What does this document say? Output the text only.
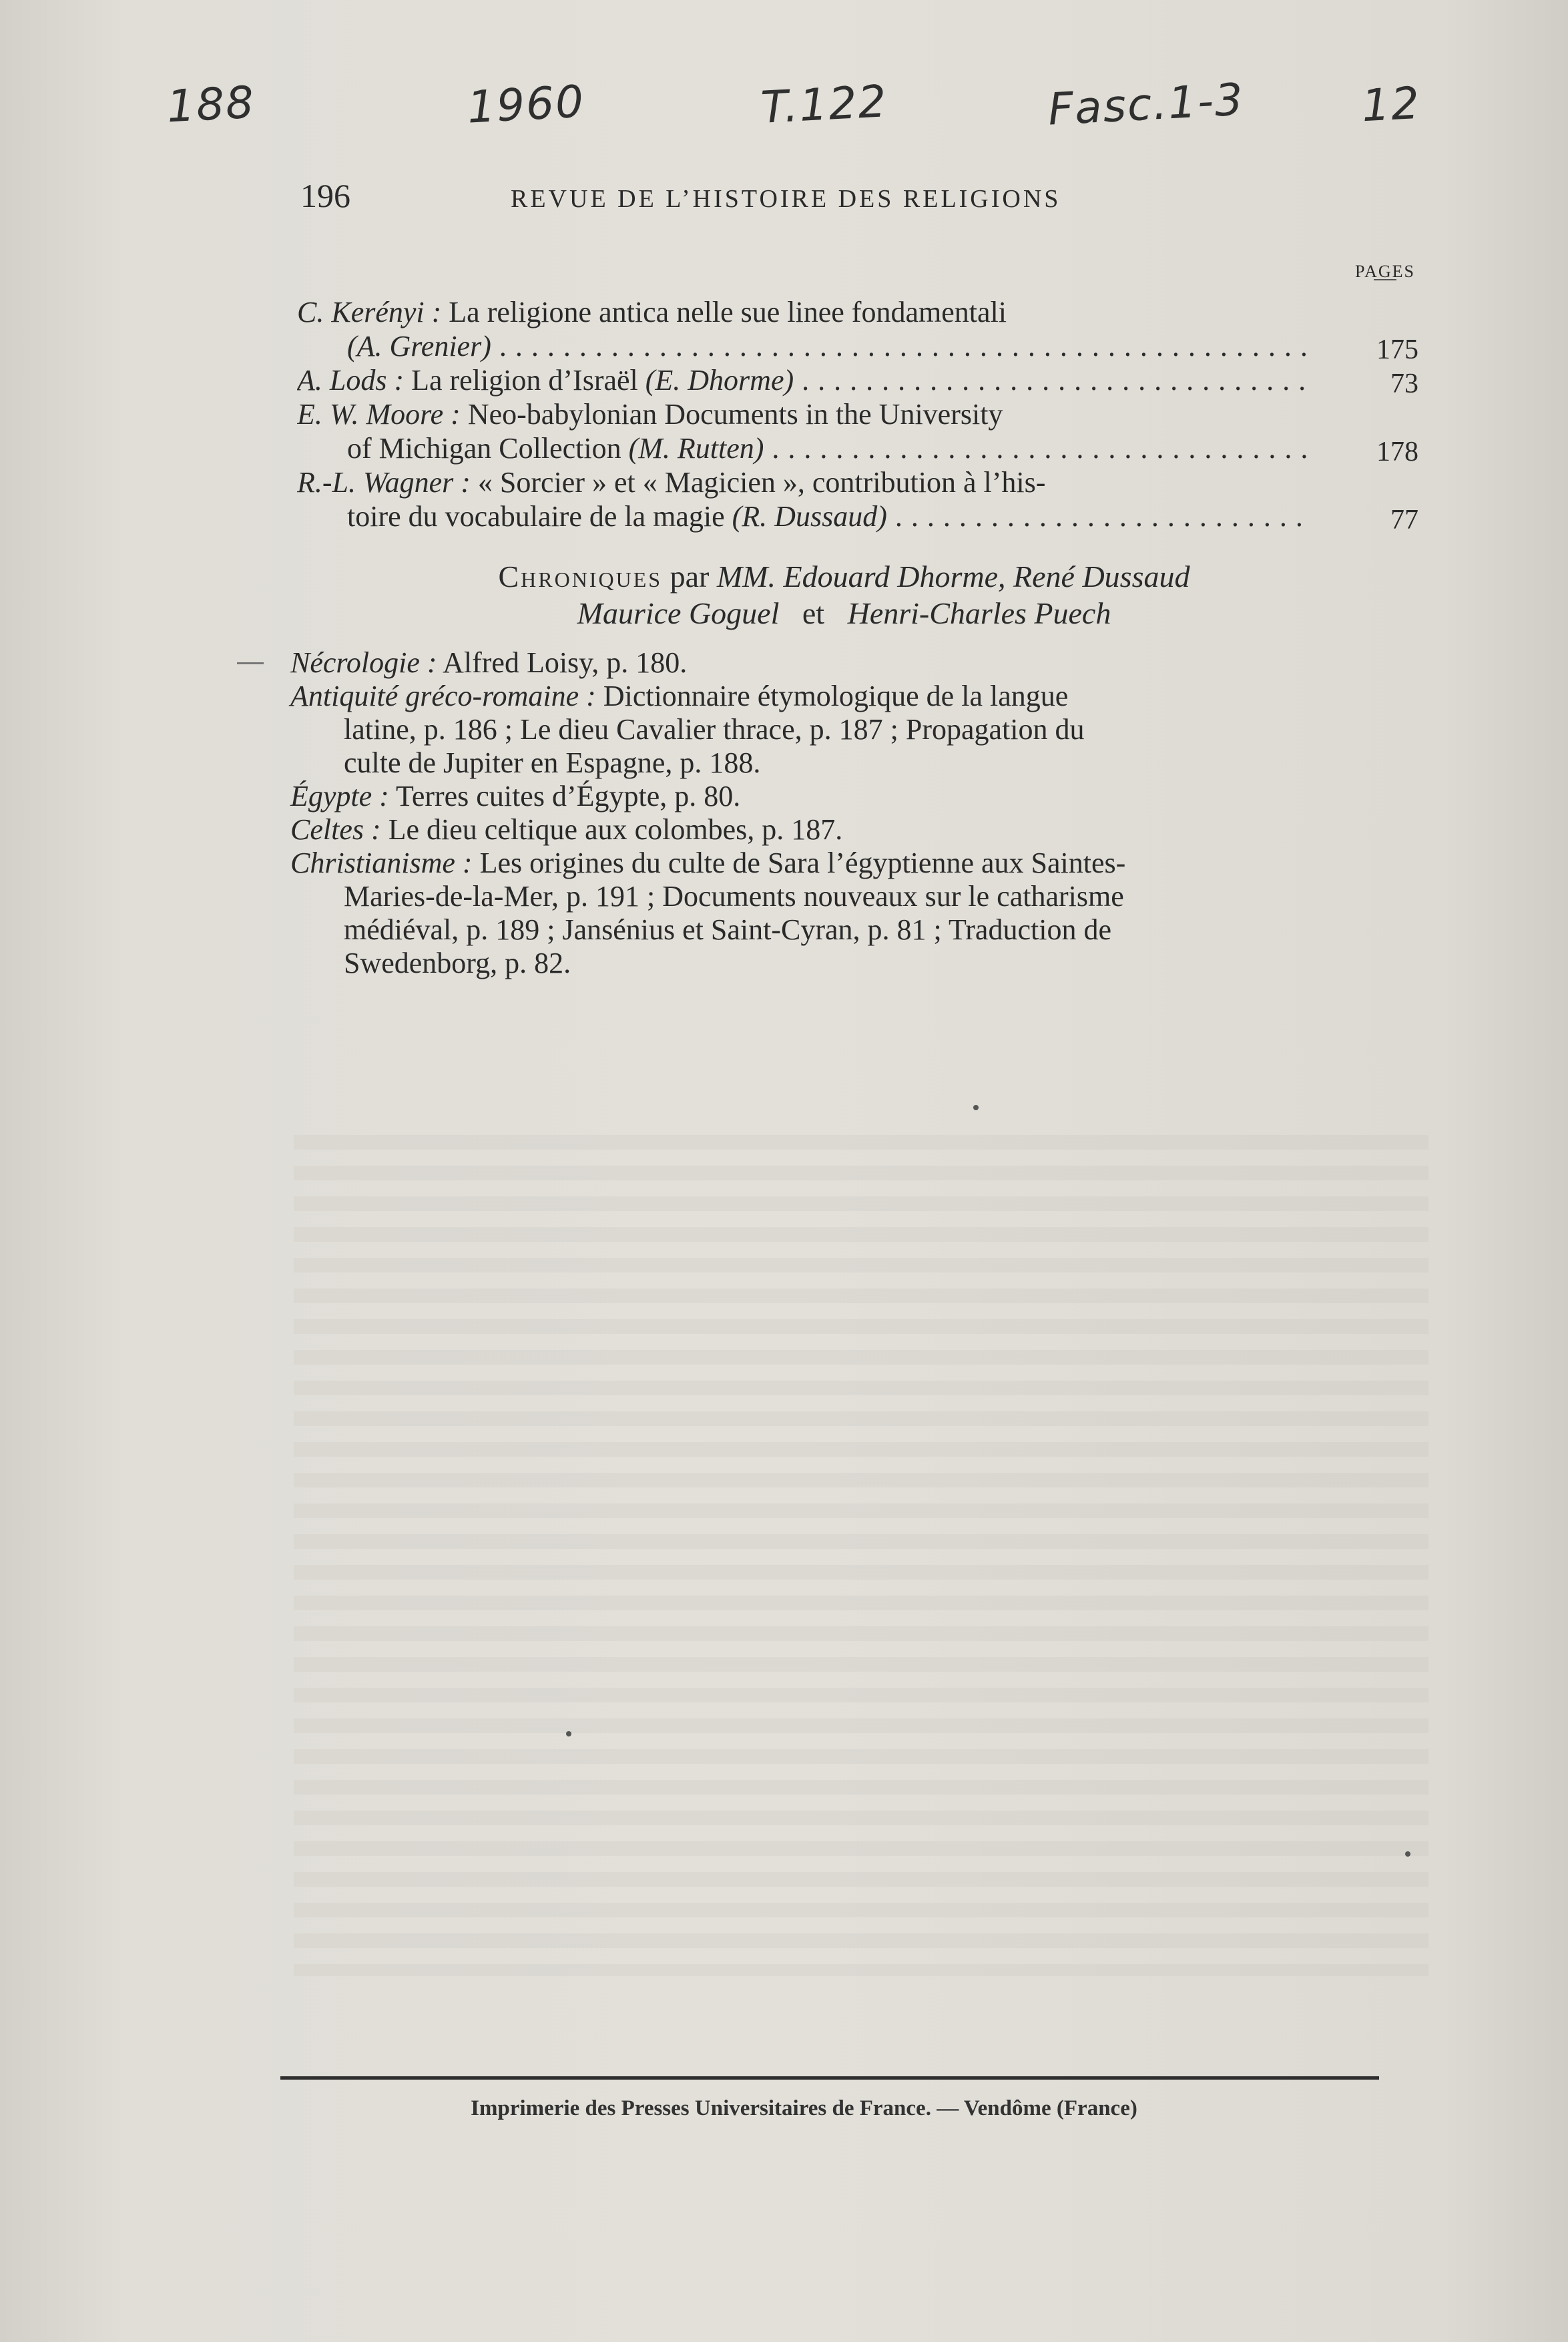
188	1960	T.122	Fasc.1-3	12
196	REVUE DE L’HISTOIRE DES RELIGIONS
PAGES
C. Kerényi : La religione antica nelle sue linee fondamentali
(A. Grenier) . . .	175
A. Lods : La religion d’Israël (E. Dhorme) . . .	73
E. W. Moore : Neo-babylonian Documents in the University
of Michigan Collection (M. Rutten) . . .	178
R.-L. Wagner : « Sorcier » et « Magicien », contribution à l’his-
toire du vocabulaire de la magie (R. Dussaud) . . .	77
Chroniques par MM. Edouard Dhorme, René Dussaud
Maurice Goguel et Henri-Charles Puech
Nécrologie : Alfred Loisy, p. 180.
Antiquité gréco-romaine : Dictionnaire étymologique de la langue
latine, p. 186 ; Le dieu Cavalier thrace, p. 187 ; Propagation du
culte de Jupiter en Espagne, p. 188.
Égypte : Terres cuites d’Égypte, p. 80.
Celtes : Le dieu celtique aux colombes, p. 187.
Christianisme : Les origines du culte de Sara l’égyptienne aux Saintes-
Maries-de-la-Mer, p. 191 ; Documents nouveaux sur le catharisme
médiéval, p. 189 ; Jansénius et Saint-Cyran, p. 81 ; Traduction de
Swedenborg, p. 82.
Imprimerie des Presses Universitaires de France. — Vendôme (France)
